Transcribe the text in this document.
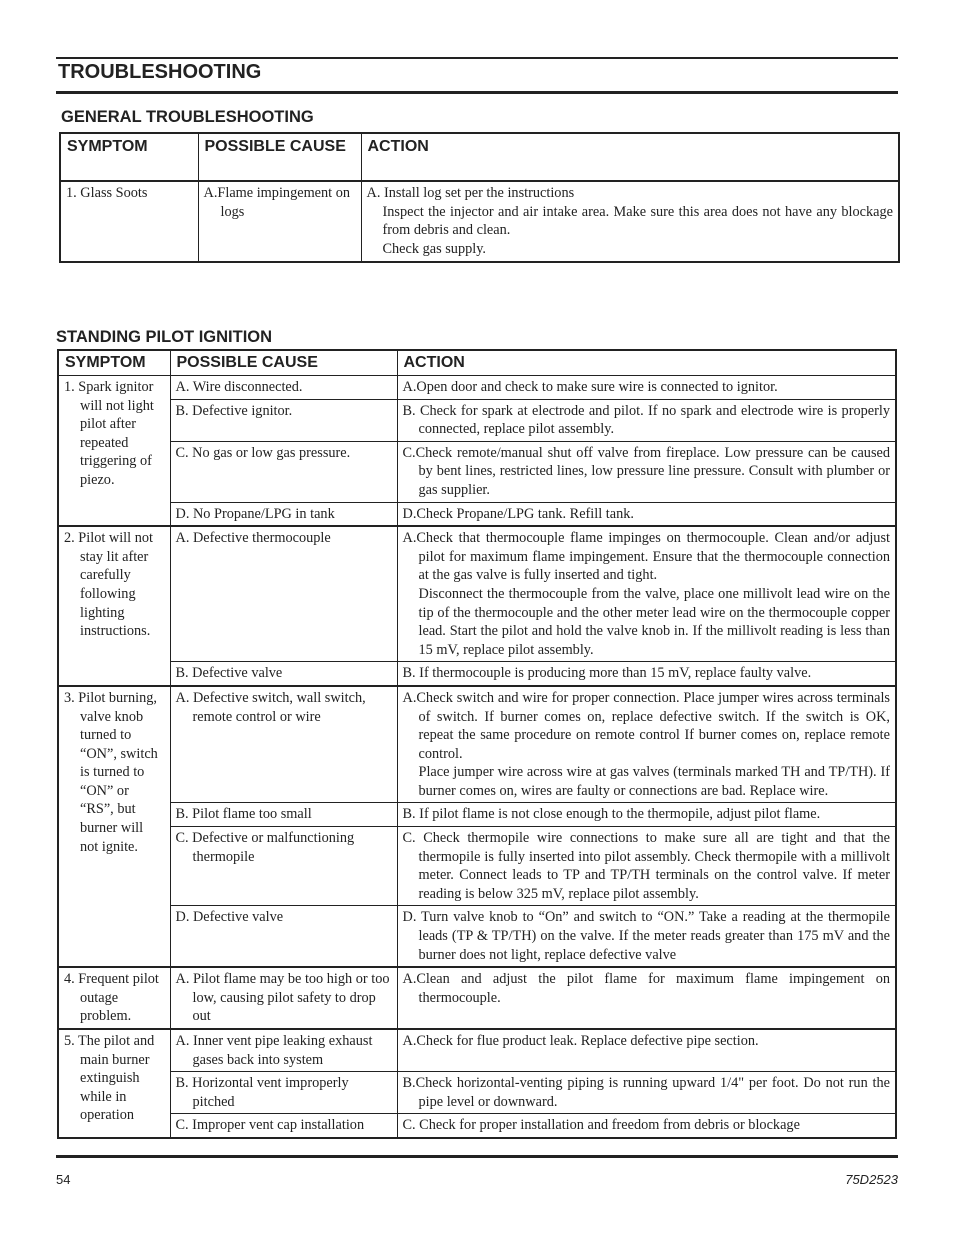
TROUBLESHOOTING
GENERAL TROUBLESHOOTING
SYMPTOM	POSSIBLE CAUSE	ACTION

1. Glass Soots	A.Flame impingement on logs	A. Install log set per the instructions
Inspect the injector and air intake area. Make sure this area does not have any blockage from debris and clean.
Check gas supply.
STANDING PILOT IGNITION
SYMPTOM	POSSIBLE CAUSE	ACTION

1. Spark ignitor will not light pilot after repeated triggering of piezo.	A. Wire disconnected.	A.Open door and check to make sure wire is connected to ignitor.

	B. Defective ignitor.	B. Check for spark at electrode and pilot. If no spark and electrode wire is properly connected, replace pilot assembly.

	C. No gas or low gas pressure.	C.Check remote/manual shut off valve from fireplace. Low pressure can be caused by bent lines, restricted lines, low pressure line pressure. Consult with plumber or gas supplier.

	D. No Propane/LPG in tank	D.Check Propane/LPG tank. Refill tank.

2. Pilot will not stay lit after carefully following lighting instructions.	A. Defective thermocouple	A.Check that thermocouple flame impinges on thermocouple. Clean and/or adjust pilot for maximum flame impingement. Ensure that the thermocouple connection at the gas valve is fully inserted and tight.
Disconnect the thermocouple from the valve, place one millivolt lead wire on the tip of the thermocouple and the other meter lead wire on the thermocouple copper lead. Start the pilot and hold the valve knob in. If the millivolt reading is less than 15 mV, replace pilot assembly.

	B. Defective valve	B. If thermocouple is producing more than 15 mV, replace faulty valve.

3. Pilot burning, valve knob turned to “ON”, switch is turned to “ON” or “RS”, but burner will not ignite.	A. Defective switch, wall switch, remote control or wire	A.Check switch and wire for proper connection. Place jumper wires across terminals of switch. If burner comes on, replace defective switch. If the switch is OK, repeat the same procedure on remote control If burner comes on, replace remote control.
Place jumper wire across wire at gas valves (terminals marked TH and TP/TH). If burner comes on, wires are faulty or connections are bad. Replace wire.

	B. Pilot flame too small	B. If pilot flame is not close enough to the thermopile, adjust pilot flame.

	C. Defective or malfunctioning thermopile	C. Check thermopile wire connections to make sure all are tight and that the thermopile is fully inserted into pilot assembly. Check thermopile with a millivolt meter. Connect leads to TP and TP/TH terminals on the control valve. If meter reading is below 325 mV, replace pilot assembly.

	D. Defective valve	D. Turn valve knob to “On” and switch to “ON.” Take a reading at the thermopile leads (TP & TP/TH) on the valve. If the meter reads greater than 175 mV and the burner does not light, replace defective valve

4. Frequent pilot outage problem.	A. Pilot flame may be too high or too low, causing pilot safety to drop out	A.Clean and adjust the pilot flame for maximum flame impingement on thermocouple.

5. The pilot and main burner extinguish while in operation	A. Inner vent pipe leaking exhaust gases back into system	A.Check for flue product leak. Replace defective pipe section.

	B. Horizontal vent improperly pitched	B.Check horizontal-venting piping is running upward 1/4" per foot. Do not run the pipe level or downward.

	C. Improper vent cap installation	C. Check for proper installation and freedom from debris or blockage
54	75D2523
